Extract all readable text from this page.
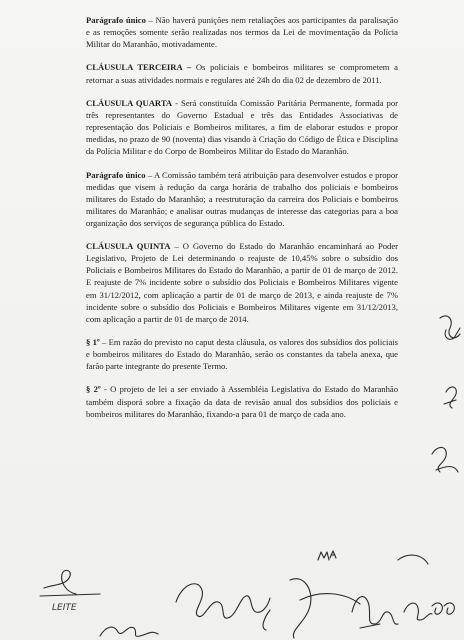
Parágrafo único – Não haverá punições nem retaliações aos participantes da paralisação e as remoções somente serão realizadas nos termos da Lei de movimentação da Polícia Militar do Maranhão, motivadamente.

CLÁUSULA TERCEIRA – Os policiais e bombeiros militares se comprometem a retornar a suas atividades normais e regulares até 24h do dia 02 de dezembro de 2011.

CLÁUSULA QUARTA - Será constituída Comissão Paritária Permanente, formada por três representantes do Governo Estadual e três das Entidades Associativas de representação dos Policiais e Bombeiros militares, a fim de elaborar estudos e propor medidas, no prazo de 90 (noventa) dias visando à Criação do Código de Ética e Disciplina da Polícia Militar e do Corpo de Bombeiros Militar do Estado do Maranhão.

Parágrafo único – A Comissão também terá atribuição para desenvolver estudos e propor medidas que visem à redução da carga horária de trabalho dos policiais e bombeiros militares do Estado do Maranhão; a reestruturação da carreira dos Policiais e bombeiros militares do Maranhão; e analisar outras mudanças de interesse das categorias para a boa organização dos serviços de segurança pública do Estado.

CLÁUSULA QUINTA – O Governo do Estado do Maranhão encaminhará ao Poder Legislativo, Projeto de Lei determinando o reajuste de 10,45% sobre o subsídio dos Policiais e Bombeiros Militares do Estado do Maranhão, a partir de 01 de março de 2012. E reajuste de 7% incidente sobre o subsídio dos Policiais e Bombeiros Militares vigente em 31/12/2012, com aplicação a partir de 01 de março de 2013, e ainda reajuste de 7% incidente sobre o subsídio dos Policiais e Bombeiros Militares vigente em 31/12/2013, com aplicação a partir de 01 de março de 2014.

§ 1º – Em razão do previsto no caput desta cláusula, os valores dos subsídios dos policiais e bombeiros militares do Estado do Maranhão, serão os constantes da tabela anexa, que farão parte integrante do presente Termo.

§ 2º - O projeto de lei a ser enviado à Assembléia Legislativa do Estado do Maranhão também disporá sobre a fixação da data de revisão anual dos subsídios dos policiais e bombeiros militares do Maranhão, fixando-a para 01 de março de cada ano.

LEITE
